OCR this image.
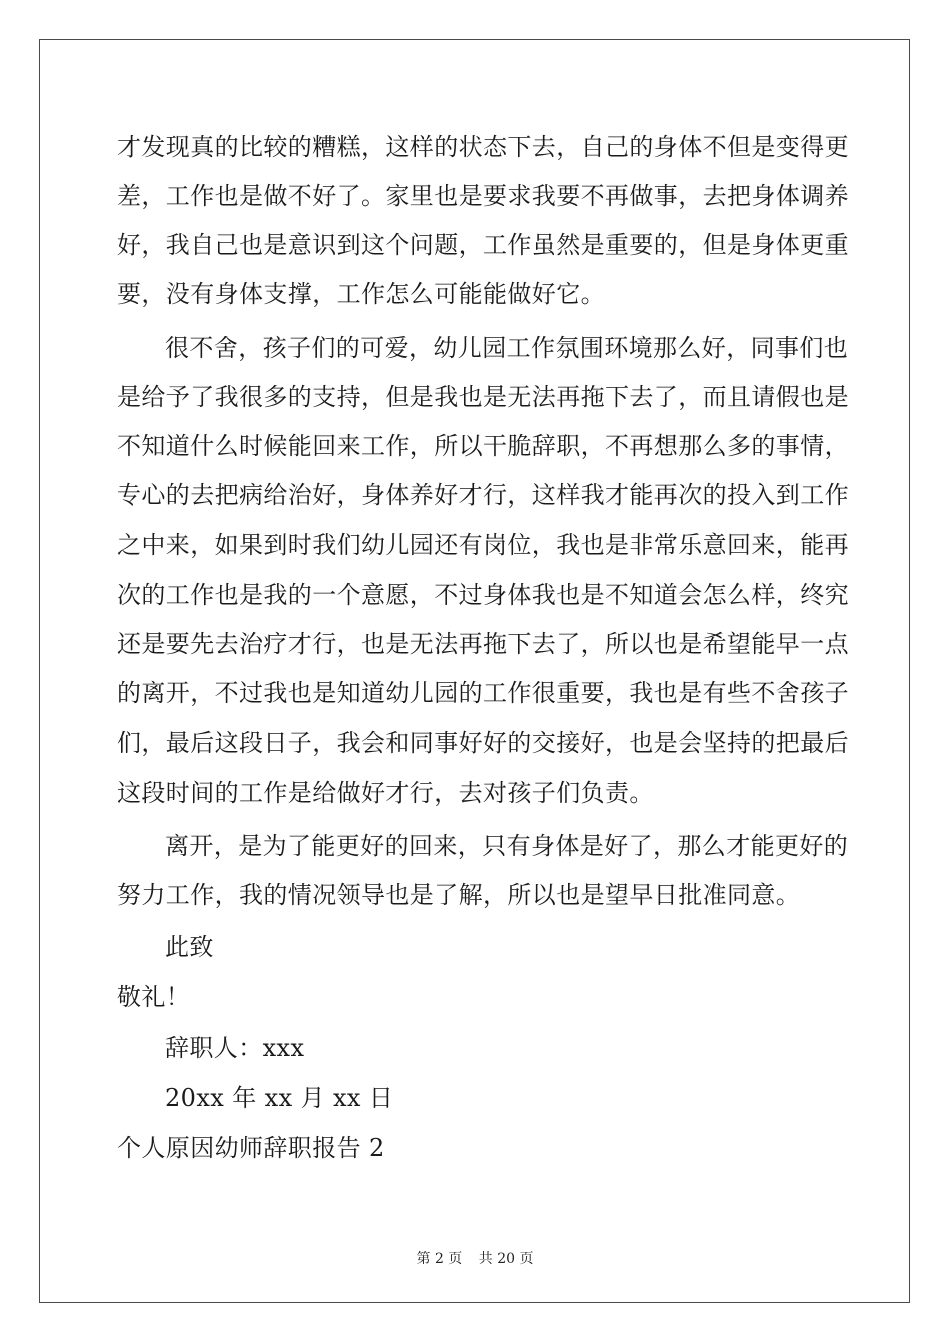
才发现真的比较的糟糕，这样的状态下去，自己的身体不但是变得更
差，工作也是做不好了。家里也是要求我要不再做事，去把身体调养
好，我自己也是意识到这个问题，工作虽然是重要的，但是身体更重
要，没有身体支撑，工作怎么可能能做好它。
很不舍，孩子们的可爱，幼儿园工作氛围环境那么好，同事们也
是给予了我很多的支持，但是我也是无法再拖下去了，而且请假也是
不知道什么时候能回来工作，所以干脆辞职，不再想那么多的事情，
专心的去把病给治好，身体养好才行，这样我才能再次的投入到工作
之中来，如果到时我们幼儿园还有岗位，我也是非常乐意回来，能再
次的工作也是我的一个意愿，不过身体我也是不知道会怎么样，终究
还是要先去治疗才行，也是无法再拖下去了，所以也是希望能早一点
的离开，不过我也是知道幼儿园的工作很重要，我也是有些不舍孩子
们，最后这段日子，我会和同事好好的交接好，也是会坚持的把最后
这段时间的工作是给做好才行，去对孩子们负责。
离开，是为了能更好的回来，只有身体是好了，那么才能更好的
努力工作，我的情况领导也是了解，所以也是望早日批准同意。
此致
敬礼！
辞职人：xxx
20xx 年 xx 月 xx 日
个人原因幼师辞职报告 2
第 2 页 共 20 页
